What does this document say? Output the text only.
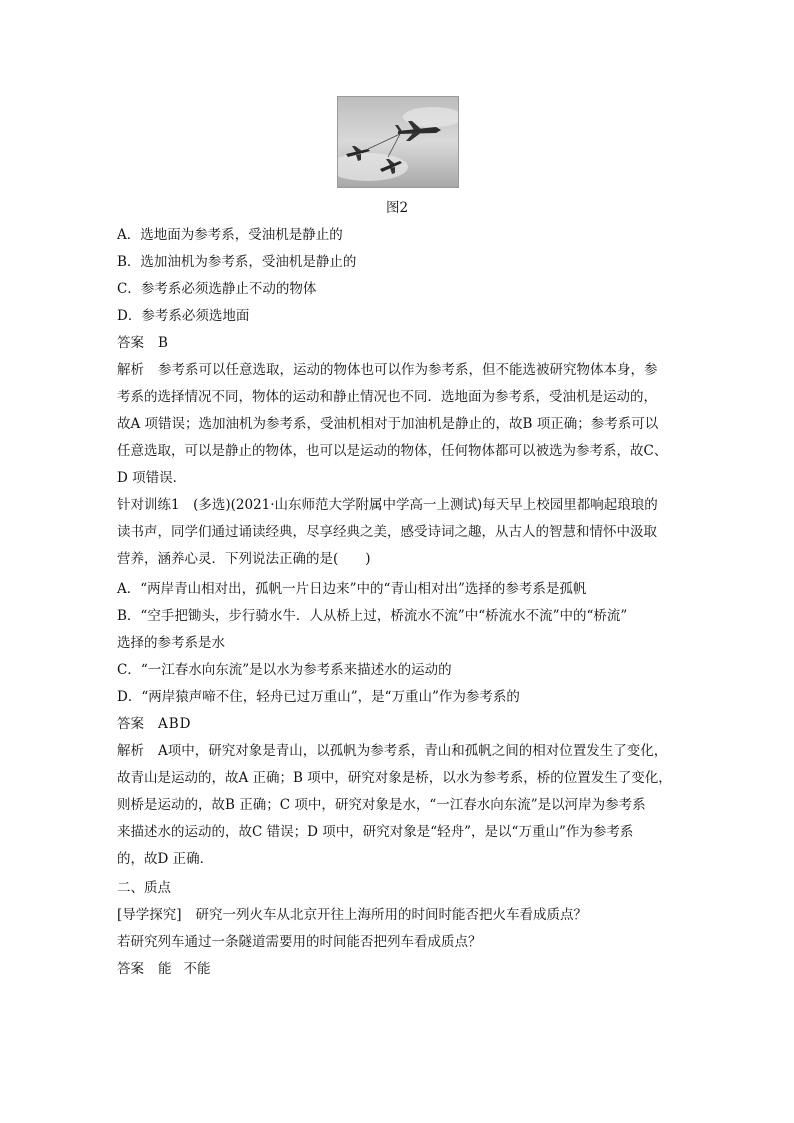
图2
A．选地面为参考系，受油机是静止的
B．选加油机为参考系，受油机是静止的
C．参考系必须选静止不动的物体
D．参考系必须选地面
答案 B
解析 参考系可以任意选取，运动的物体也可以作为参考系，但不能选被研究物体本身，参
考系的选择情况不同，物体的运动和静止情况也不同．选地面为参考系，受油机是运动的，
故A 项错误；选加油机为参考系，受油机相对于加油机是静止的，故B 项正确；参考系可以
任意选取，可以是静止的物体，也可以是运动的物体，任何物体都可以被选为参考系，故C、
D 项错误．
针对训练1　(多选)(2021·山东师范大学附属中学高一上测试)每天早上校园里都响起琅琅的
读书声，同学们通过诵读经典，尽享经典之美，感受诗词之趣，从古人的智慧和情怀中汲取
营养，涵养心灵．下列说法正确的是(　　)
A．“两岸青山相对出，孤帆一片日边来”中的“青山相对出”选择的参考系是孤帆
B．“空手把锄头，步行骑水牛．人从桥上过，桥流水不流”中“桥流水不流”中的“桥流”
选择的参考系是水
C．“一江春水向东流”是以水为参考系来描述水的运动的
D．“两岸猿声啼不住，轻舟已过万重山”，是“万重山”作为参考系的
答案 ABD
解析 A项中，研究对象是青山，以孤帆为参考系，青山和孤帆之间的相对位置发生了变化，
故青山是运动的，故A 正确；B 项中，研究对象是桥，以水为参考系，桥的位置发生了变化，
则桥是运动的，故B 正确；C 项中，研究对象是水，“一江春水向东流”是以河岸为参考系
来描述水的运动的，故C 错误；D 项中，研究对象是“轻舟”，是以“万重山”作为参考系
的，故D 正确．
二、质点
[导学探究] 研究一列火车从北京开往上海所用的时间时能否把火车看成质点？
若研究列车通过一条隧道需要用的时间能否把列车看成质点？
答案 能 不能
